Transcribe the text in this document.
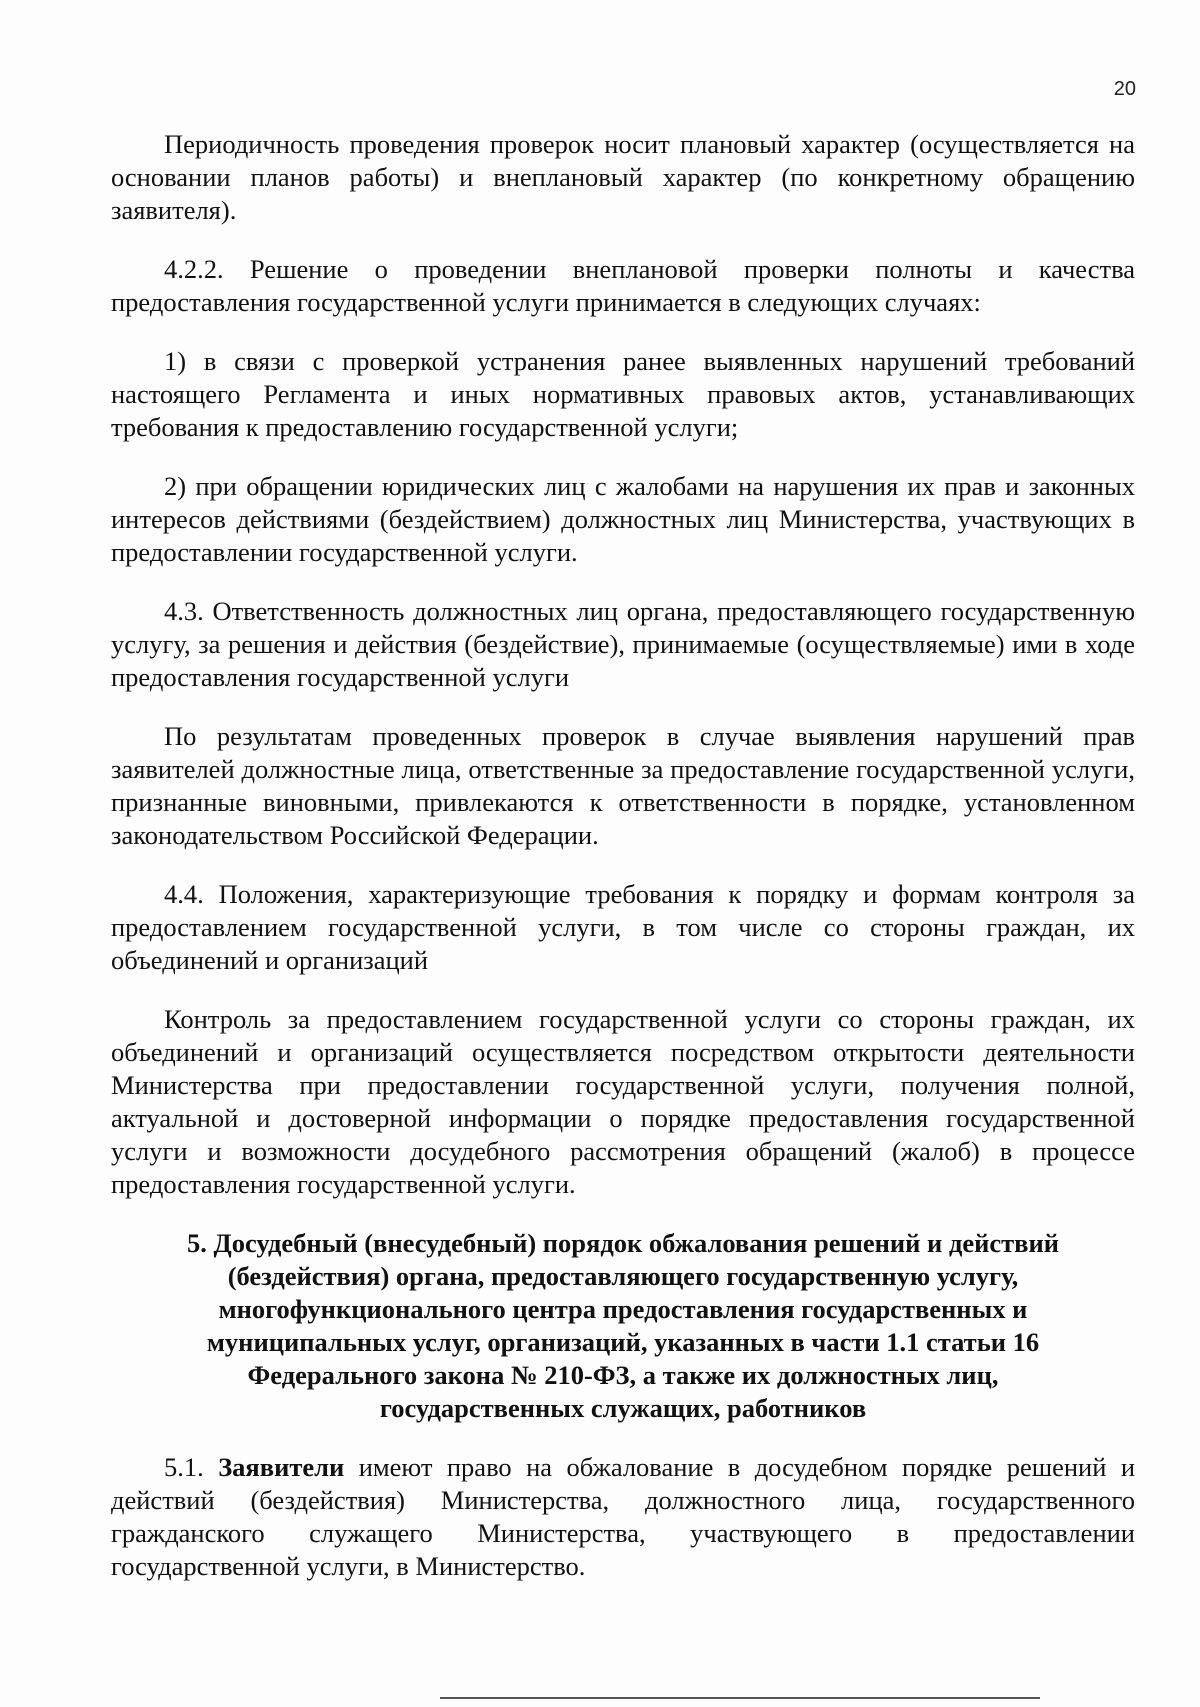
20

Периодичность проведения проверок носит плановый характер (осуществляется на основании планов работы) и внеплановый характер (по конкретному обращению заявителя).

4.2.2. Решение о проведении внеплановой проверки полноты и качества предоставления государственной услуги принимается в следующих случаях:

1) в связи с проверкой устранения ранее выявленных нарушений требований настоящего Регламента и иных нормативных правовых актов, устанавливающих требования к предоставлению государственной услуги;

2) при обращении юридических лиц с жалобами на нарушения их прав и законных интересов действиями (бездействием) должностных лиц Министерства, участвующих в предоставлении государственной услуги.

4.3. Ответственность должностных лиц органа, предоставляющего государственную услугу, за решения и действия (бездействие), принимаемые (осуществляемые) ими в ходе предоставления государственной услуги

По результатам проведенных проверок в случае выявления нарушений прав заявителей должностные лица, ответственные за предоставление государственной услуги, признанные виновными, привлекаются к ответственности в порядке, установленном законодательством Российской Федерации.

4.4. Положения, характеризующие требования к порядку и формам контроля за предоставлением государственной услуги, в том числе со стороны граждан, их объединений и организаций

Контроль за предоставлением государственной услуги со стороны граждан, их объединений и организаций осуществляется посредством открытости деятельности Министерства при предоставлении государственной услуги, получения полной, актуальной и достоверной информации о порядке предоставления государственной услуги и возможности досудебного рассмотрения обращений (жалоб) в процессе предоставления государственной услуги.

5. Досудебный (внесудебный) порядок обжалования решений и действий (бездействия) органа, предоставляющего государственную услугу, многофункционального центра предоставления государственных и муниципальных услуг, организаций, указанных в части 1.1 статьи 16 Федерального закона № 210-ФЗ, а также их должностных лиц, государственных служащих, работников

5.1. Заявители имеют право на обжалование в досудебном порядке решений и действий (бездействия) Министерства, должностного лица, государственного гражданского служащего Министерства, участвующего в предоставлении государственной услуги, в Министерство.
